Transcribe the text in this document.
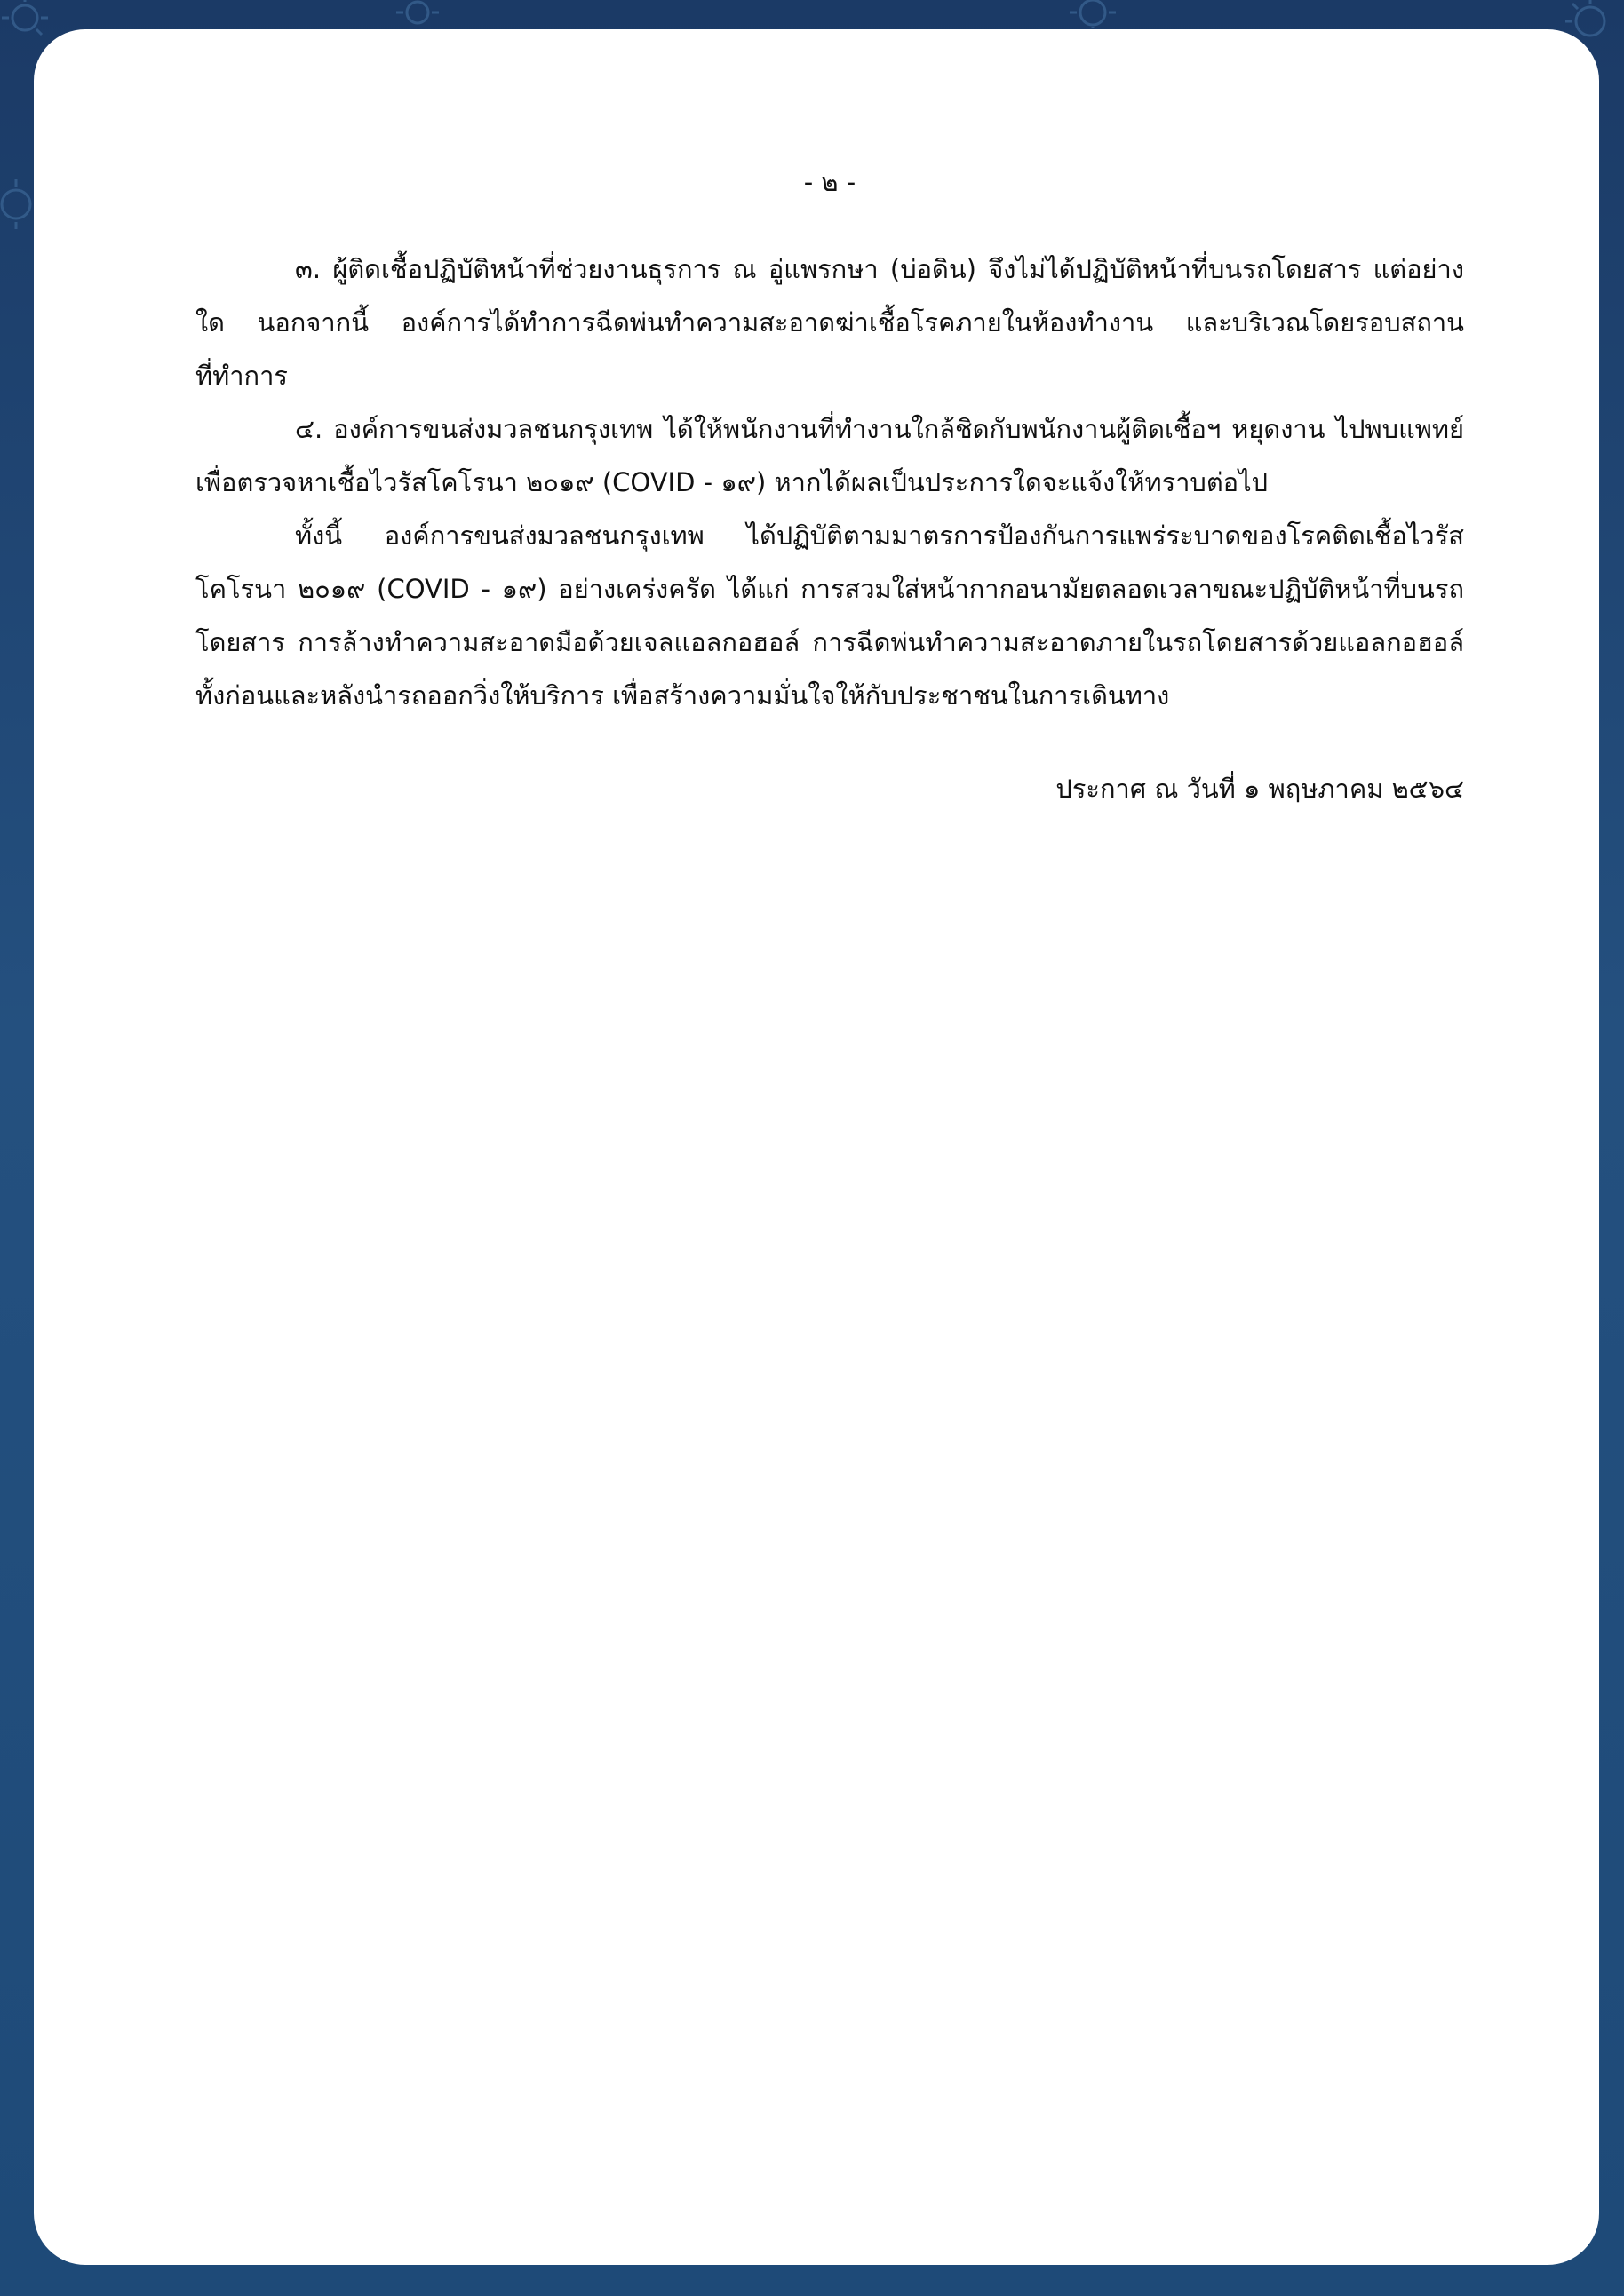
- ๒ -

๓. ผู้ติดเชื้อปฏิบัติหน้าที่ช่วยงานธุรการ ณ อู่แพรกษา (บ่อดิน) จึงไม่ได้ปฏิบัติหน้าที่บนรถโดยสาร แต่อย่างใด นอกจากนี้ องค์การได้ทำการฉีดพ่นทำความสะอาดฆ่าเชื้อโรคภายในห้องทำงาน และบริเวณโดยรอบสถานที่ทำการ

๔. องค์การขนส่งมวลชนกรุงเทพ ได้ให้พนักงานที่ทำงานใกล้ชิดกับพนักงานผู้ติดเชื้อฯ หยุดงาน ไปพบแพทย์ เพื่อตรวจหาเชื้อไวรัสโคโรนา ๒๐๑๙ (COVID - ๑๙) หากได้ผลเป็นประการใดจะแจ้งให้ทราบต่อไป

ทั้งนี้ องค์การขนส่งมวลชนกรุงเทพ ได้ปฏิบัติตามมาตรการป้องกันการแพร่ระบาดของโรคติดเชื้อไวรัสโคโรนา ๒๐๑๙ (COVID - ๑๙) อย่างเคร่งครัด ได้แก่ การสวมใส่หน้ากากอนามัยตลอดเวลาขณะปฏิบัติหน้าที่บนรถโดยสาร การล้างทำความสะอาดมือด้วยเจลแอลกอฮอล์ การฉีดพ่นทำความสะอาดภายในรถโดยสารด้วยแอลกอฮอล์ ทั้งก่อนและหลังนำรถออกวิ่งให้บริการ เพื่อสร้างความมั่นใจให้กับประชาชนในการเดินทาง

ประกาศ ณ วันที่ ๑ พฤษภาคม ๒๕๖๔
